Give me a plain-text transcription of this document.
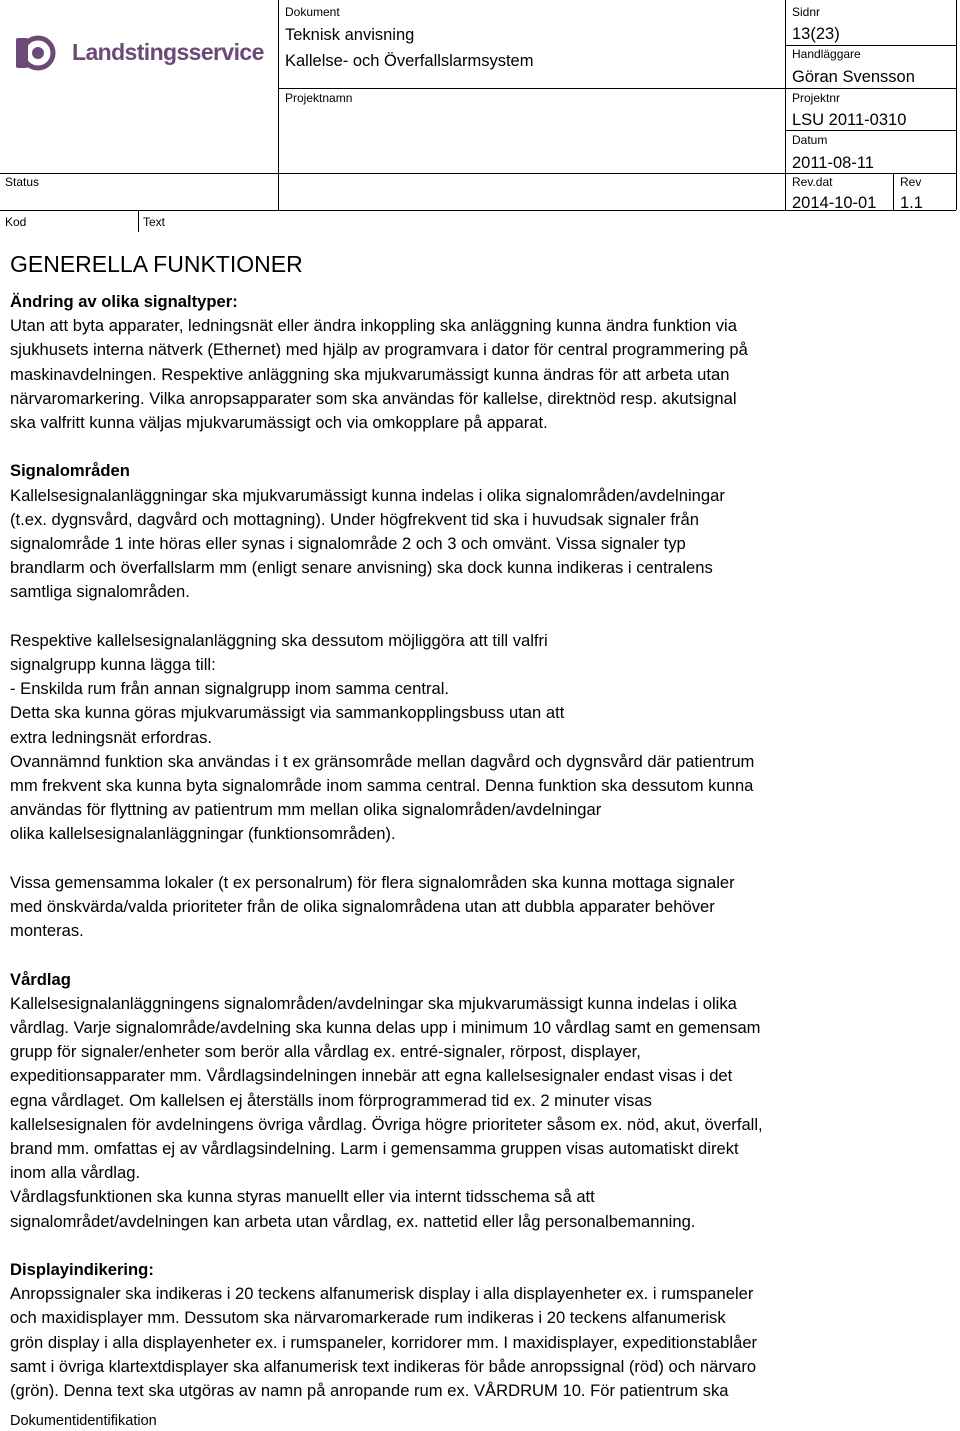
Landstingsservice
Dokument
Teknisk anvisning
Kallelse- och Överfallslarmsystem
Projektnamn
Sidnr
13(23)
Handläggare
Göran Svensson
Projektnr
LSU 2011-0310
Datum
2011-08-11
Status	Rev.dat
2014-10-01
Rev
1.1
Kod	Text
GENERELLA FUNKTIONER

Ändring av olika signaltyper:

Utan att byta apparater, ledningsnät eller ändra inkoppling ska anläggning kunna ändra funktion via

sjukhusets interna nätverk (Ethernet) med hjälp av programvara i dator för central programmering på

maskinavdelningen. Respektive anläggning ska mjukvarumässigt kunna ändras för att arbeta utan

närvaromarkering. Vilka anropsapparater som ska användas för kallelse, direktnöd resp. akutsignal

ska valfritt kunna väljas mjukvarumässigt och via omkopplare på apparat.

Signalområden

Kallelsesignalanläggningar ska mjukvarumässigt kunna indelas i olika signalområden/avdelningar

(t.ex. dygnsvård, dagvård och mottagning). Under högfrekvent tid ska i huvudsak signaler från

signalområde 1 inte höras eller synas i signalområde 2 och 3 och omvänt. Vissa signaler typ

brandlarm och överfallslarm mm (enligt senare anvisning) ska dock kunna indikeras i centralens

samtliga signalområden.

Respektive kallelsesignalanläggning ska dessutom möjliggöra att till valfri

signalgrupp kunna lägga till:

- Enskilda rum från annan signalgrupp inom samma central.

Detta ska kunna göras mjukvarumässigt via sammankopplingsbuss utan att

extra ledningsnät erfordras.

Ovannämnd funktion ska användas i t ex gränsområde mellan dagvård och dygnsvård där patientrum

mm frekvent ska kunna byta signalområde inom samma central. Denna funktion ska dessutom kunna

användas för flyttning av patientrum mm mellan olika signalområden/avdelningar

olika kallelsesignalanläggningar (funktionsområden).

Vissa gemensamma lokaler (t ex personalrum) för flera signalområden ska kunna mottaga signaler

med önskvärda/valda prioriteter från de olika signalområdena utan att dubbla apparater behöver

monteras.

Vårdlag

Kallelsesignalanläggningens signalområden/avdelningar ska mjukvarumässigt kunna indelas i olika

vårdlag. Varje signalområde/avdelning ska kunna delas upp i minimum 10 vårdlag samt en gemensam

grupp för signaler/enheter som berör alla vårdlag ex. entré-signaler, rörpost, displayer,

expeditionsapparater mm. Vårdlagsindelningen innebär att egna kallelsesignaler endast visas i det

egna vårdlaget. Om kallelsen ej återställs inom förprogrammerad tid ex. 2 minuter visas

kallelsesignalen för avdelningens övriga vårdlag. Övriga högre prioriteter såsom ex. nöd, akut, överfall,

brand mm. omfattas ej av vårdlagsindelning. Larm i gemensamma gruppen visas automatiskt direkt

inom alla vårdlag.

Vårdlagsfunktionen ska kunna styras manuellt eller via internt tidsschema så att

signalområdet/avdelningen kan arbeta utan vårdlag, ex. nattetid eller låg personalbemanning.

Displayindikering:

Anropssignaler ska indikeras i 20 teckens alfanumerisk display i alla displayenheter ex. i rumspaneler

och maxidisplayer mm. Dessutom ska närvaromarkerade rum indikeras i 20 teckens alfanumerisk

grön display i alla displayenheter ex. i rumspaneler, korridorer mm. I maxidisplayer, expeditionstablåer

samt i övriga klartextdisplayer ska alfanumerisk text indikeras för både anropssignal (röd) och närvaro

(grön). Denna text ska utgöras av namn på anropande rum ex. VÅRDRUM 10. För patientrum ska

Dokumentidentifikation
